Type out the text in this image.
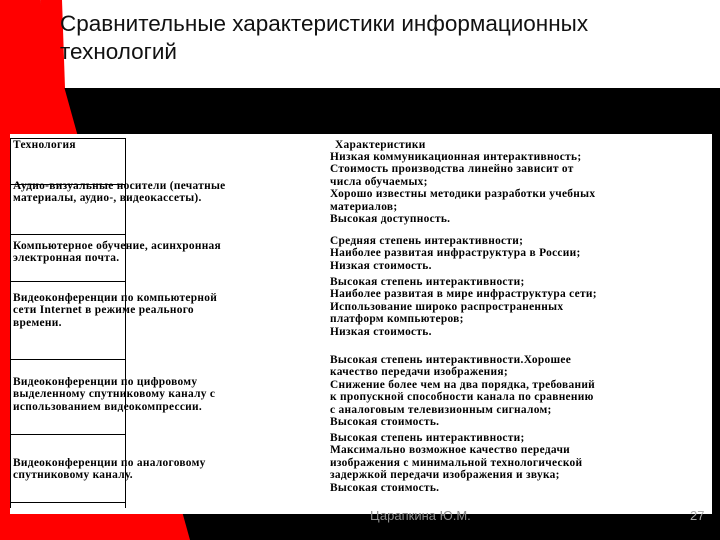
Сравнительные характеристики информационных
технологий
Технология	Характеристики
Аудио-визуальные носители (печатные
материалы, аудио-, видеокассеты).
Низкая коммуникационная интерактивность;
Стоимость производства линейно зависит от
числа обучаемых;
Хорошо известны методики разработки учебных
материалов;
Высокая доступность.
Компьютерное обучение, асинхронная
электронная почта.
Средняя степень интерактивности;
Наиболее развитая инфраструктура в России;
Низкая стоимость.
Видеоконференции по компьютерной
сети Internet в режиме реального
времени.
Высокая степень интерактивности;
Наиболее развитая в мире инфраструктура сети;
Использование широко распространенных
платформ компьютеров;
Низкая стоимость.
Видеоконференции по цифровому
выделенному спутниковому каналу с
использованием видеокомпрессии.
Высокая степень интерактивности.Хорошее
качество передачи изображения;
Снижение более чем на два порядка, требований
к пропускной способности канала по сравнению
с аналоговым телевизионным сигналом;
Высокая стоимость.
Видеоконференции по аналоговому
спутниковому каналу.
Высокая степень интерактивности;
Максимально возможное качество передачи
изображения с минимальной технологической
задержкой передачи изображения и звука;
Высокая стоимость.
Царапкина Ю.М.	27
